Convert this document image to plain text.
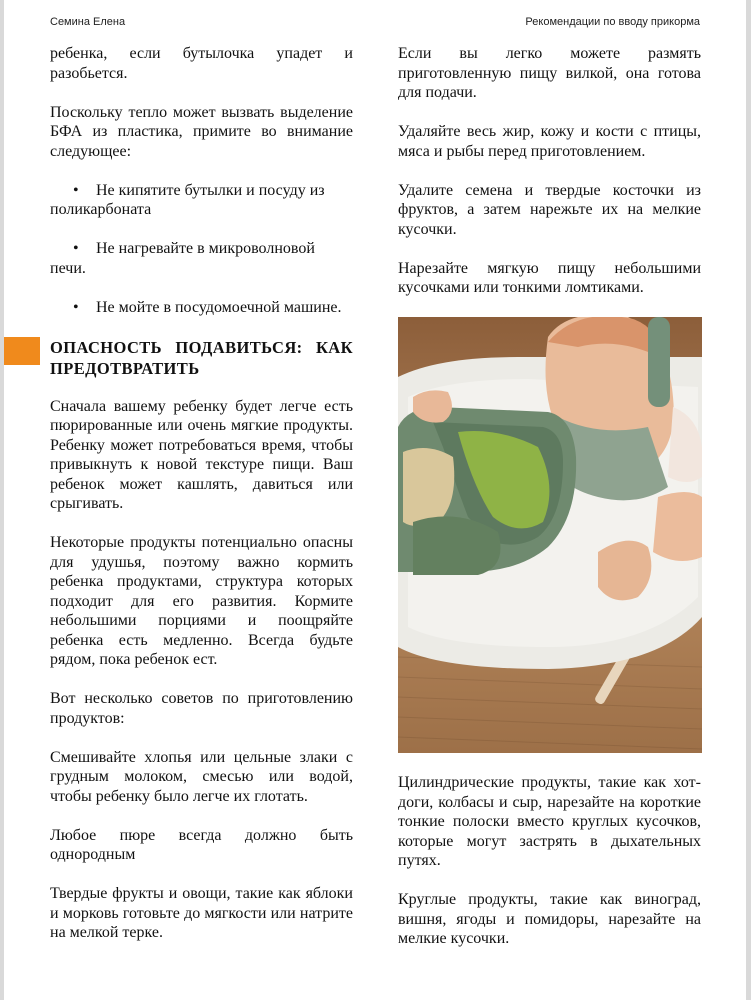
Семина Елена	Рекомендации по вводу прикорма

ребенка, если бутылочка упадет и разобьется.

Поскольку тепло может вызвать выделение БФА из пластика, примите во внимание следующее:

• Не кипятите бутылки и посуду из поликарбоната
• Не нагревайте в микроволновой печи.
• Не мойте в посудомоечной машине.
ОПАСНОСТЬ ПОДАВИТЬСЯ: КАК ПРЕДОТВРАТИТЬ

Сначала вашему ребенку будет легче есть пюрированные или очень мягкие продукты. Ребенку может потребоваться время, чтобы привыкнуть к новой текстуре пищи. Ваш ребенок может кашлять, давиться или срыгивать.

Некоторые продукты потенциально опасны для удушья, поэтому важно кормить ребенка продуктами, структура которых подходит для его развития. Кормите небольшими порциями и поощряйте ребенка есть медленно. Всегда будьте рядом, пока ребенок ест.

Вот несколько советов по приготовлению продуктов:

Смешивайте хлопья или цельные злаки с грудным молоком, смесью или водой, чтобы ребенку было легче их глотать.

Любое пюре всегда должно быть однородным

Твердые фрукты и овощи, такие как яблоки и морковь готовьте до мягкости или натрите на мелкой терке.

Если вы легко можете размять приготовленную пищу вилкой, она готова для подачи.

Удаляйте весь жир, кожу и кости с птицы, мяса и рыбы перед приготовлением.

Удалите семена и твердые косточки из фруктов, а затем нарежьте их на мелкие кусочки.

Нарезайте мягкую пищу небольшими кусочками или тонкими ломтиками.

Цилиндрические продукты, такие как хот-доги, колбасы и сыр, нарезайте на короткие тонкие полоски вместо круглых кусочков, которые могут застрять в дыхательных путях.

Круглые продукты, такие как виноград, вишня, ягоды и помидоры, нарезайте на мелкие кусочки.
